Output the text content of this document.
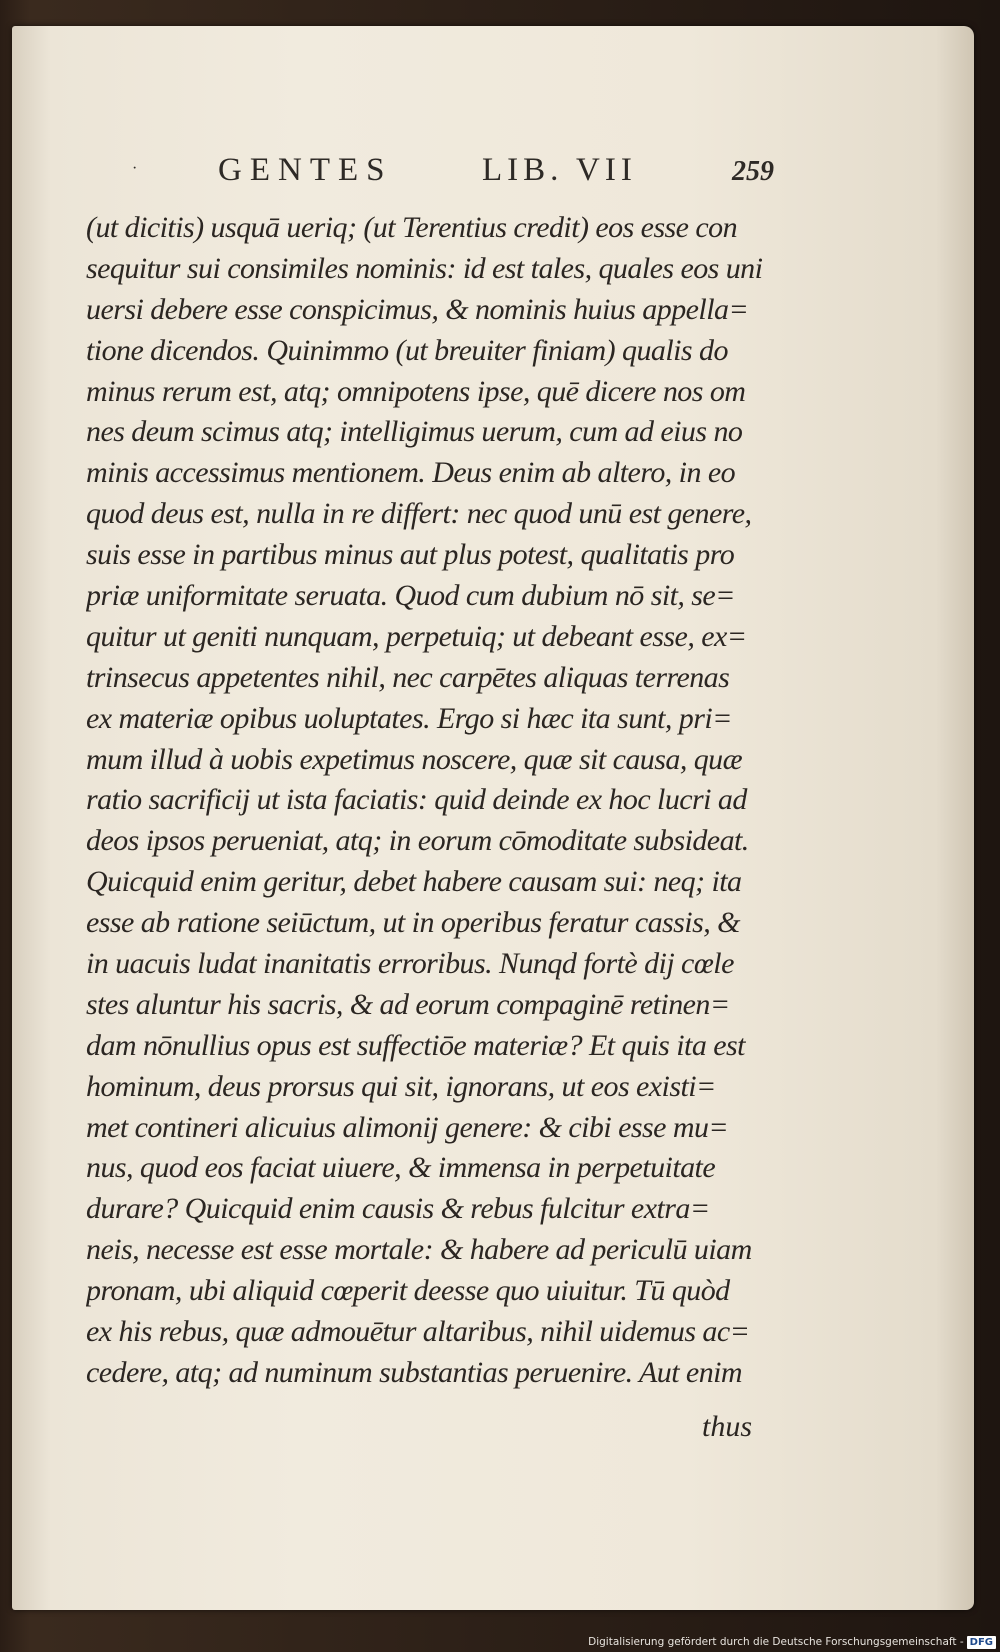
· GENTES	LIB. VII	259
(ut dicitis) usquā ueriq; (ut Terentius credit) eos esse con
sequitur sui consimiles nominis: id est tales, quales eos uni
uersi debere esse conspicimus, & nominis huius appella=
tione dicendos. Quinimmo (ut breuiter finiam) qualis do
minus rerum est, atq; omnipotens ipse, quē dicere nos om
nes deum scimus atq; intelligimus uerum, cum ad eius no
minis accessimus mentionem. Deus enim ab altero, in eo
quod deus est, nulla in re differt: nec quod unū est genere,
suis esse in partibus minus aut plus potest, qualitatis pro
priæ uniformitate seruata. Quod cum dubium nō sit, se=
quitur ut geniti nunquam, perpetuiq; ut debeant esse, ex=
trinsecus appetentes nihil, nec carpētes aliquas terrenas
ex materiæ opibus uoluptates. Ergo si hæc ita sunt, pri=
mum illud à uobis expetimus noscere, quæ sit causa, quæ
ratio sacrificij ut ista faciatis: quid deinde ex hoc lucri ad
deos ipsos perueniat, atq; in eorum cōmoditate subsideat.
Quicquid enim geritur, debet habere causam sui: neq; ita
esse ab ratione seiūctum, ut in operibus feratur cassis, &
in uacuis ludat inanitatis erroribus. Nunqd fortè dij cœle
stes aluntur his sacris, & ad eorum compaginē retinen=
dam nōnullius opus est suffectiōe materiæ? Et quis ita est
hominum, deus prorsus qui sit, ignorans, ut eos existi=
met contineri alicuius alimonij genere: & cibi esse mu=
nus, quod eos faciat uiuere, & immensa in perpetuitate
durare? Quicquid enim causis & rebus fulcitur extra=
neis, necesse est esse mortale: & habere ad periculū uiam
pronam, ubi aliquid cœperit deesse quo uiuitur. Tū quòd
ex his rebus, quæ admouētur altaribus, nihil uidemus ac=
cedere, atq; ad numinum substantias peruenire. Aut enim
thus
Digitalisierung gefördert durch die Deutsche Forschungsgemeinschaft - DFG
